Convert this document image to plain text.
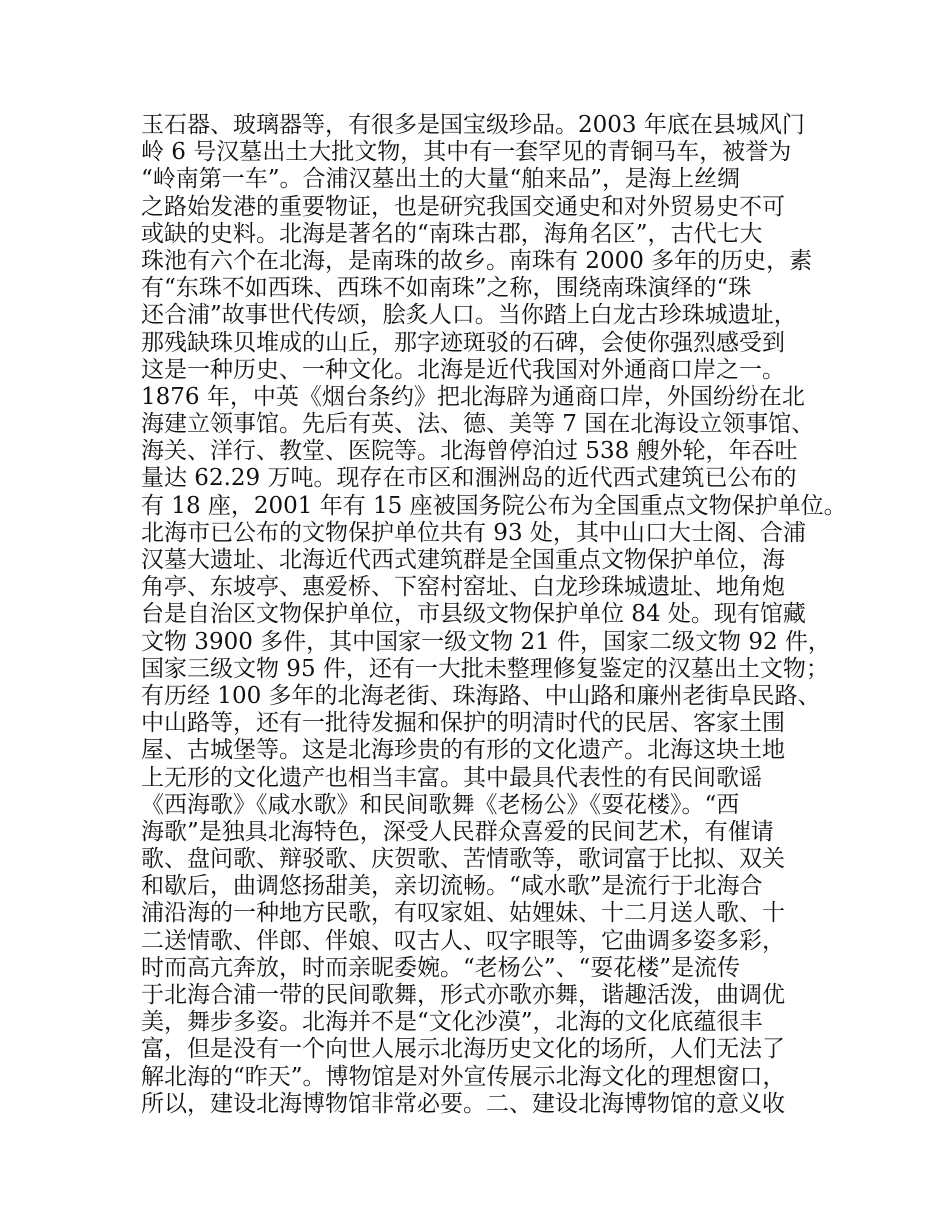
玉石器、玻璃器等，有很多是国宝级珍品。2003 年底在县城风门
岭 6 号汉墓出土大批文物，其中有一套罕见的青铜马车，被誉为
“岭南第一车”。合浦汉墓出土的大量“舶来品”，是海上丝绸
之路始发港的重要物证，也是研究我国交通史和对外贸易史不可
或缺的史料。北海是著名的“南珠古郡，海角名区”，古代七大
珠池有六个在北海，是南珠的故乡。南珠有 2000 多年的历史，素
有“东珠不如西珠、西珠不如南珠”之称，围绕南珠演绎的“珠
还合浦”故事世代传颂，脍炙人口。当你踏上白龙古珍珠城遗址，
那残缺珠贝堆成的山丘，那字迹斑驳的石碑，会使你强烈感受到
这是一种历史、一种文化。北海是近代我国对外通商口岸之一。
1876 年，中英《烟台条约》把北海辟为通商口岸，外国纷纷在北
海建立领事馆。先后有英、法、德、美等 7 国在北海设立领事馆、
海关、洋行、教堂、医院等。北海曾停泊过 538 艘外轮，年吞吐
量达 62.29 万吨。现存在市区和涠洲岛的近代西式建筑已公布的
有 18 座，2001 年有 15 座被国务院公布为全国重点文物保护单位。
北海市已公布的文物保护单位共有 93 处，其中山口大士阁、合浦
汉墓大遗址、北海近代西式建筑群是全国重点文物保护单位，海
角亭、东坡亭、惠爱桥、下窑村窑址、白龙珍珠城遗址、地角炮
台是自治区文物保护单位，市县级文物保护单位 84 处。现有馆藏
文物 3900 多件，其中国家一级文物 21 件，国家二级文物 92 件，
国家三级文物 95 件，还有一大批未整理修复鉴定的汉墓出土文物；
有历经 100 多年的北海老街、珠海路、中山路和廉州老街阜民路、
中山路等，还有一批待发掘和保护的明清时代的民居、客家土围
屋、古城堡等。这是北海珍贵的有形的文化遗产。北海这块土地
上无形的文化遗产也相当丰富。其中最具代表性的有民间歌谣
《西海歌》《咸水歌》和民间歌舞《老杨公》《耍花楼》。“西
海歌”是独具北海特色，深受人民群众喜爱的民间艺术，有催请
歌、盘问歌、辩驳歌、庆贺歌、苦情歌等，歌词富于比拟、双关
和歇后，曲调悠扬甜美，亲切流畅。“咸水歌”是流行于北海合
浦沿海的一种地方民歌，有叹家姐、姑娌妹、十二月送人歌、十
二送情歌、伴郎、伴娘、叹古人、叹字眼等，它曲调多姿多彩，
时而高亢奔放，时而亲昵委婉。“老杨公”、“耍花楼”是流传
于北海合浦一带的民间歌舞，形式亦歌亦舞，谐趣活泼，曲调优
美，舞步多姿。北海并不是“文化沙漠”，北海的文化底蕴很丰
富，但是没有一个向世人展示北海历史文化的场所，人们无法了
解北海的“昨天”。博物馆是对外宣传展示北海文化的理想窗口，
所以，建设北海博物馆非常必要。二、建设北海博物馆的意义收
